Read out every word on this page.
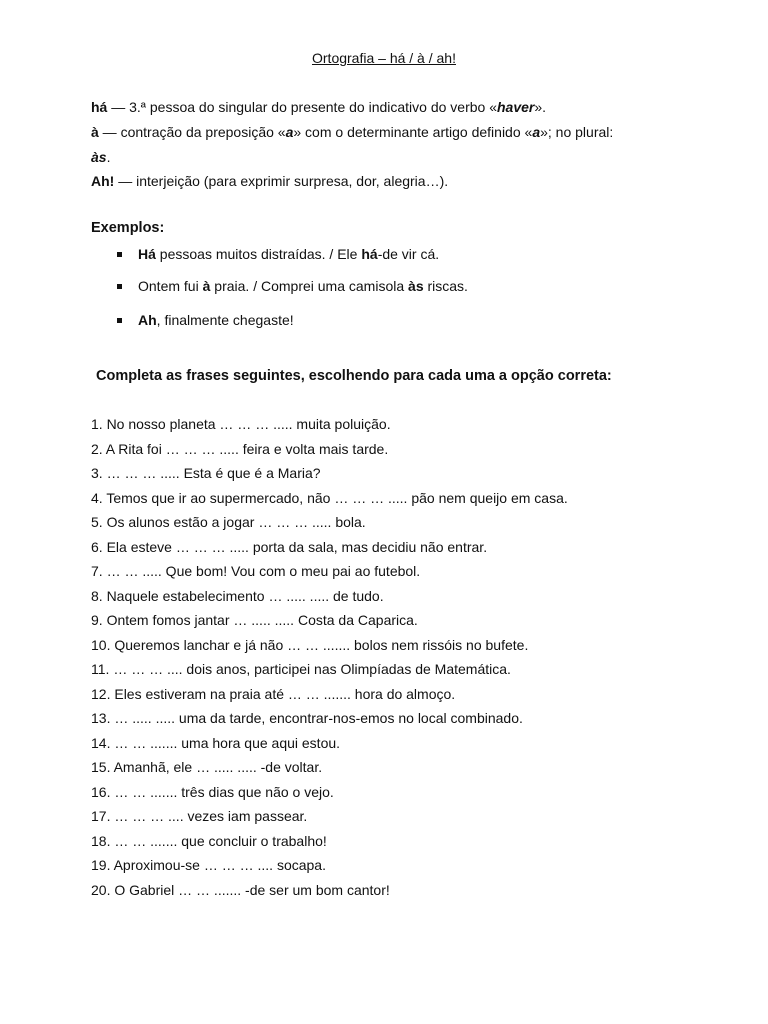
Ortografia – há / à / ah!
há — 3.ª pessoa do singular do presente do indicativo do verbo «haver».
à — contração da preposição «a» com o determinante artigo definido «a»; no plural:
às.
Ah! — interjeição (para exprimir surpresa, dor, alegria…).
Exemplos:
Há pessoas muitos distraídas. / Ele há-de vir cá.
Ontem fui à praia. / Comprei uma camisola às riscas.
Ah, finalmente chegaste!
Completa as frases seguintes, escolhendo para cada uma a opção correta:
1. No nosso planeta … … … ..... muita poluição.
2. A Rita foi … … … ..... feira e volta mais tarde.
3. … … … ..... Esta é que é a Maria?
4. Temos que ir ao supermercado, não … … … ..... pão nem queijo em casa.
5. Os alunos estão a jogar … … … ..... bola.
6. Ela esteve … … … ..... porta da sala, mas decidiu não entrar.
7. … … ..... Que bom! Vou com o meu pai ao futebol.
8. Naquele estabelecimento … ..... ..... de tudo.
9. Ontem fomos jantar … ..... ..... Costa da Caparica.
10. Queremos lanchar e já não … … ....... bolos nem rissóis no bufete.
11. … … … .... dois anos, participei nas Olimpíadas de Matemática.
12. Eles estiveram na praia até … … ....... hora do almoço.
13. … ..... ..... uma da tarde, encontrar-nos-emos no local combinado.
14. … … ....... uma hora que aqui estou.
15. Amanhã, ele … ..... ..... -de voltar.
16. … … ....... três dias que não o vejo.
17. … … … .... vezes iam passear.
18. … … ....... que concluir o trabalho!
19. Aproximou-se … … … .... socapa.
20. O Gabriel … … ....... -de ser um bom cantor!
